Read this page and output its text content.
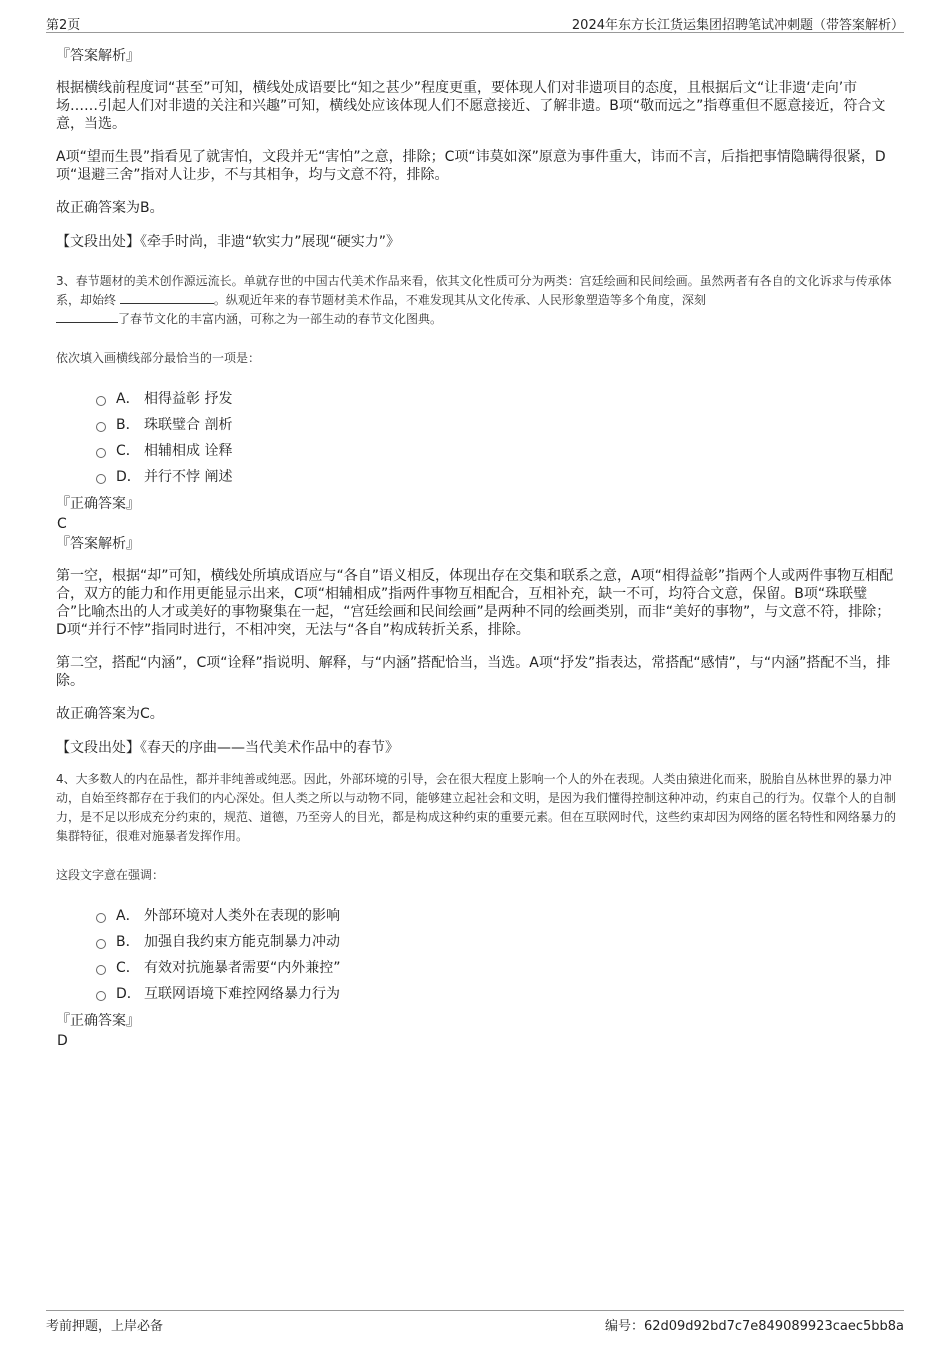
第2页	2024年东方长江货运集团招聘笔试冲刺题（带答案解析）
『答案解析』

根据横线前程度词“甚至”可知，横线处成语要比“知之甚少”程度更重，要体现人们对非遗项目的态度，且根据后文“让非遗‘走向’市场……引起人们对非遗的关注和兴趣”可知，横线处应该体现人们不愿意接近、了解非遗。B项“敬而远之”指尊重但不愿意接近，符合文意，当选。

A项“望而生畏”指看见了就害怕，文段并无“害怕”之意，排除；C项“讳莫如深”原意为事件重大，讳而不言，后指把事情隐瞒得很紧，D项“退避三舍”指对人让步，不与其相争，均与文意不符，排除。

故正确答案为B。

【文段出处】《牵手时尚，非遗“软实力”展现“硬实力”》
3、春节题材的美术创作源远流长。单就存世的中国古代美术作品来看，依其文化性质可分为两类：宫廷绘画和民间绘画。虽然两者有各自的文化诉求与传承体系，却始终	。纵观近年来的春节题材美术作品，不难发现其从文化传承、人民形象塑造等多个角度，深刻
了春节文化的丰富内涵，可称之为一部生动的春节文化图典。
依次填入画横线部分最恰当的一项是：
A． 相得益彰 抒发
B． 珠联璧合 剖析
C． 相辅相成 诠释
D． 并行不悖 阐述
『正确答案』
C
『答案解析』

第一空，根据“却”可知，横线处所填成语应与“各自”语义相反，体现出存在交集和联系之意，A项“相得益彰”指两个人或两件事物互相配合，双方的能力和作用更能显示出来，C项“相辅相成”指两件事物互相配合，互相补充，缺一不可，均符合文意，保留。B项“珠联璧合”比喻杰出的人才或美好的事物聚集在一起，“宫廷绘画和民间绘画”是两种不同的绘画类别，而非“美好的事物”，与文意不符，排除；D项“并行不悖”指同时进行，不相冲突，无法与“各自”构成转折关系，排除。

第二空，搭配“内涵”，C项“诠释”指说明、解释，与“内涵”搭配恰当，当选。A项“抒发”指表达，常搭配“感情”，与“内涵”搭配不当，排除。

故正确答案为C。

【文段出处】《春天的序曲——当代美术作品中的春节》
4、大多数人的内在品性，都并非纯善或纯恶。因此，外部环境的引导，会在很大程度上影响一个人的外在表现。人类由猿进化而来，脱胎自丛林世界的暴力冲动，自始至终都存在于我们的内心深处。但人类之所以与动物不同，能够建立起社会和文明，是因为我们懂得控制这种冲动，约束自己的行为。仅靠个人的自制力，是不足以形成充分约束的，规范、道德，乃至旁人的目光，都是构成这种约束的重要元素。但在互联网时代，这些约束却因为网络的匿名特性和网络暴力的集群特征，很难对施暴者发挥作用。
这段文字意在强调：
A． 外部环境对人类外在表现的影响
B． 加强自我约束方能克制暴力冲动
C． 有效对抗施暴者需要“内外兼控”
D． 互联网语境下难控网络暴力行为
『正确答案』
D
考前押题，上岸必备	编号：62d09d92bd7c7e849089923caec5bb8a
